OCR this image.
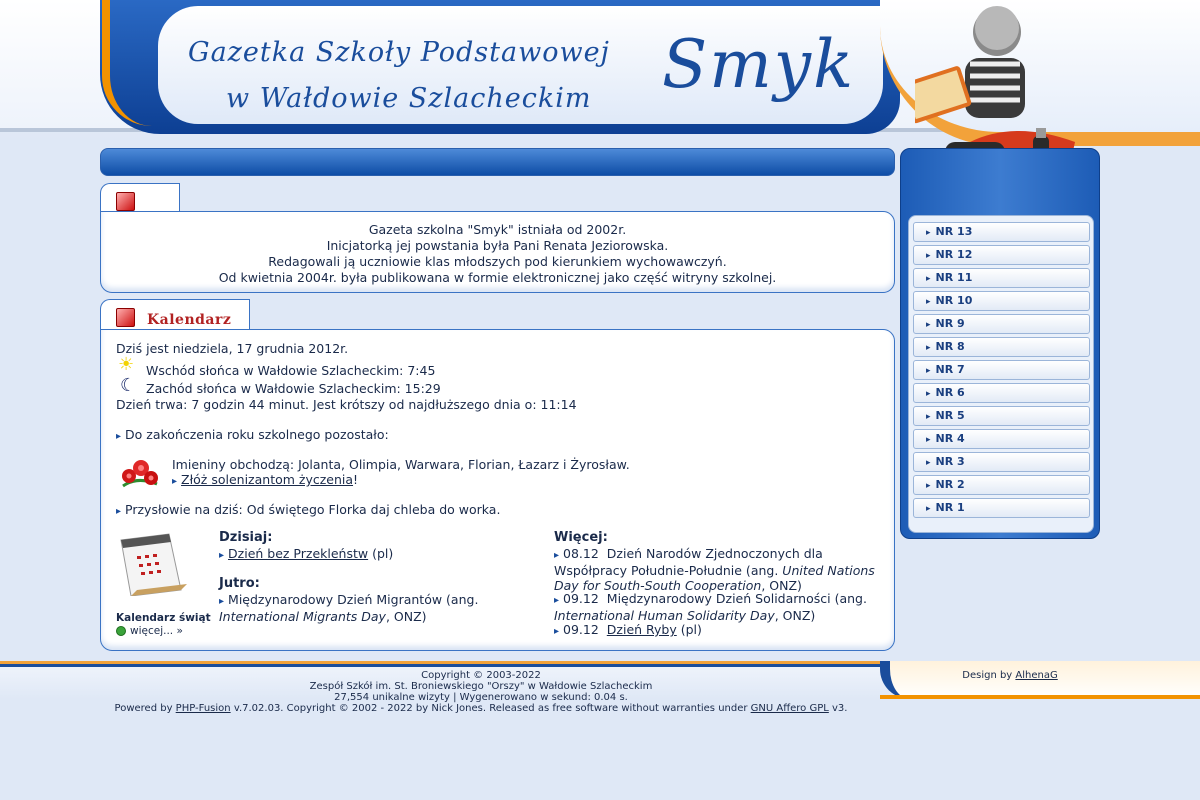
Gazetka Szkoły Podstawowej
w Wałdowie Szlacheckim Smyk
Gazeta szkolna "Smyk" istniała od 2002r.
Inicjatorką jej powstania była Pani Renata Jeziorowska.
Redagowali ją uczniowie klas młodszych pod kierunkiem wychowawczyń.
Od kwietnia 2004r. była publikowana w formie elektronicznej jako część witryny szkolnej.
Kalendarz
Dziś jest niedziela, 17 grudnia 2012r.
☀ Wschód słońca w Wałdowie Szlacheckim: 7:45
☾ Zachód słońca w Wałdowie Szlacheckim: 15:29
Dzień trwa: 7 godzin 44 minut. Jest krótszy od najdłuższego dnia o: 11:14
▸ Do zakończenia roku szkolnego pozostało:
Imieniny obchodzą: Jolanta, Olimpia, Warwara, Florian, Łazarz i Żyrosław.
▸ Złóż solenizantom życzenia!
▸ Przysłowie na dziś: Od świętego Florka daj chleba do worka.
Kalendarz świąt
więcej... »
Dzisiaj:
▸ Dzień bez Przekleństw (pl)
Jutro:
▸ Międzynarodowy Dzień Migrantów (ang.
International Migrants Day, ONZ)
Więcej:
▸ 08.12 Dzień Narodów Zjednoczonych dla Współpracy Południe-Południe (ang. United Nations Day for South-South Cooperation, ONZ)
▸ 09.12 Międzynarodowy Dzień Solidarności (ang.
International Human Solidarity Day, ONZ)
▸ 09.12 Dzień Ryby (pl)
▸ NR 13
▸ NR 12
▸ NR 11
▸ NR 10
▸ NR 9
▸ NR 8
▸ NR 7
▸ NR 6
▸ NR 5
▸ NR 4
▸ NR 3
▸ NR 2
▸ NR 1
Copyright © 2003-2022
Zespół Szkół im. St. Broniewskiego "Orszy" w Wałdowie Szlacheckim
27,554 unikalne wizyty | Wygenerowano w sekund: 0.04 s.
Powered by PHP-Fusion v.7.02.03. Copyright © 2002 - 2022 by Nick Jones. Released as free software without warranties under GNU Affero GPL v3.
Design by AlhenaG
